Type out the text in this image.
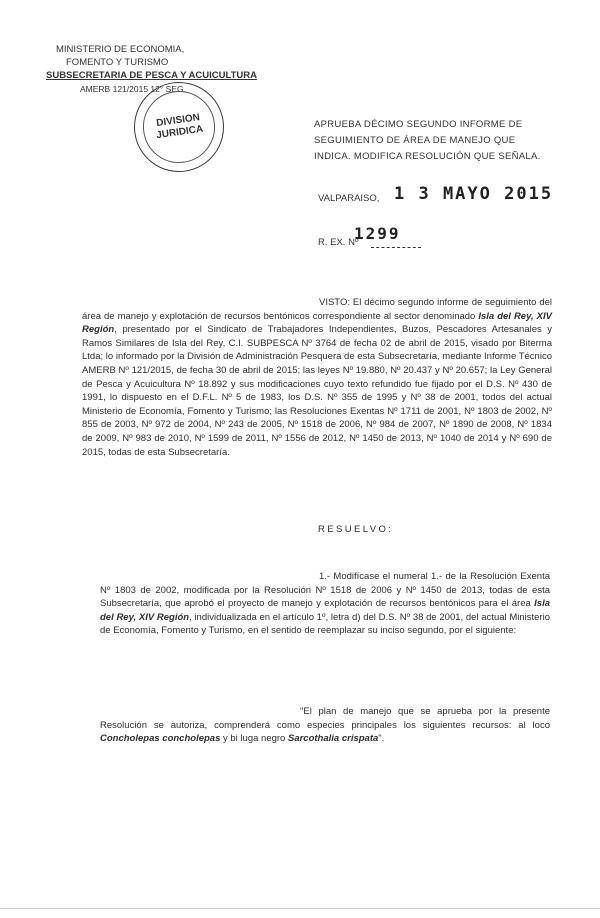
MINISTERIO DE ECONOMIA,
FOMENTO Y TURISMO
SUBSECRETARIA DE PESCA Y ACUICULTURA
AMERB 121/2015 12° SEG.
DIVISION JURIDICA	APRUEBA DÉCIMO SEGUNDO INFORME DE SEGUIMIENTO DE ÁREA DE MANEJO QUE INDICA. MODIFICA RESOLUCIÓN QUE SEÑALA.
VALPARAISO, 1 3 MAYO 2015
R. EX. Nº
1299
VISTO: El décimo segundo informe de seguimiento del área de manejo y explotación de recursos bentónicos correspondiente al sector denominado Isla del Rey, XIV Región, presentado por el Sindicato de Trabajadores Independientes, Buzos, Pescadores Artesanales y Ramos Similares de Isla del Rey, C.I. SUBPESCA Nº 3764 de fecha 02 de abril de 2015, visado por Biterma Ltda; lo informado por la División de Administración Pesquera de esta Subsecretaría, mediante Informe Técnico AMERB Nº 121/2015, de fecha 30 de abril de 2015; las leyes Nº 19.880, Nº 20.437 y Nº 20.657; la Ley General de Pesca y Acuicultura Nº 18.892 y sus modificaciones cuyo texto refundido fue fijado por el D.S. Nº 430 de 1991, lo dispuesto en el D.F.L. Nº 5 de 1983, los D.S. Nº 355 de 1995 y Nº 38 de 2001, todos del actual Ministerio de Economía, Fomento y Turismo; las Resoluciones Exentas Nº 1711 de 2001, Nº 1803 de 2002, Nº 855 de 2003, Nº 972 de 2004, Nº 243 de 2005, Nº 1518 de 2006, Nº 984 de 2007, Nº 1890 de 2008, Nº 1834 de 2009, Nº 983 de 2010, Nº 1599 de 2011, Nº 1556 de 2012, Nº 1450 de 2013, Nº 1040 de 2014 y Nº 690 de 2015, todas de esta Subsecretaría.
RESUELVO:
1.- Modifícase el numeral 1.- de la Resolución Exenta Nº 1803 de 2002, modificada por la Resolución Nº 1518 de 2006 y Nº 1450 de 2013, todas de esta Subsecretaría, que aprobó el proyecto de manejo y explotación de recursos bentónicos para el área Isla del Rey, XIV Región, individualizada en el artículo 1º, letra d) del D.S. Nº 38 de 2001, del actual Ministerio de Economía, Fomento y Turismo, en el sentido de reemplazar su inciso segundo, por el siguiente:
"El plan de manejo que se aprueba por la presente Resolución se autoriza, comprenderá como especies principales los siguientes recursos: al loco Concholepas concholepas y bi luga negro Sarcothalia crispata".
